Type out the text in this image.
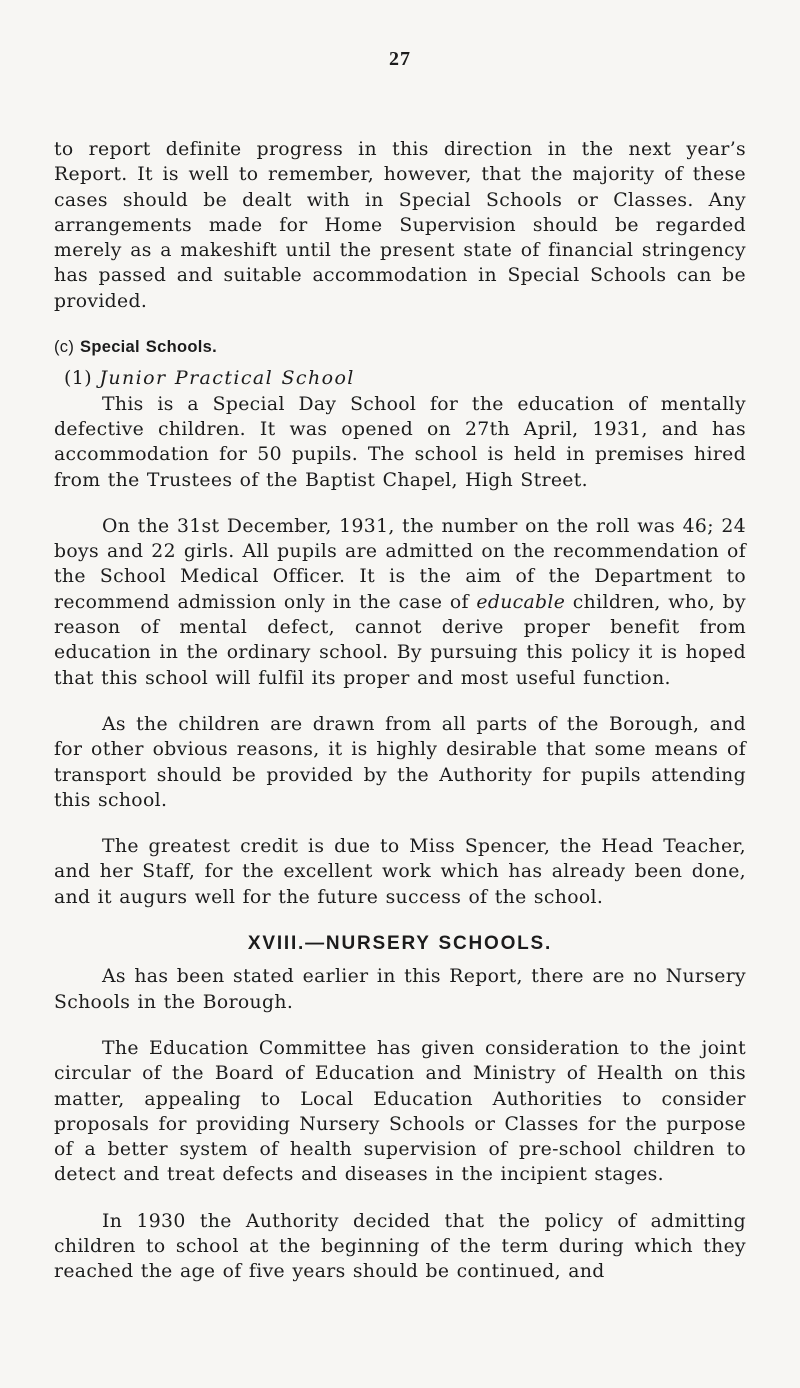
27

to report definite progress in this direction in the next year’s Report. It is well to remember, however, that the majority of these cases should be dealt with in Special Schools or Classes. Any arrangements made for Home Supervision should be regarded merely as a makeshift until the present state of financial stringency has passed and suitable accommodation in Special Schools can be provided.

(c) Special Schools.
(1) Junior Practical School

This is a Special Day School for the education of mentally defective children. It was opened on 27th April, 1931, and has accommodation for 50 pupils. The school is held in premises hired from the Trustees of the Baptist Chapel, High Street.

On the 31st December, 1931, the number on the roll was 46; 24 boys and 22 girls. All pupils are admitted on the recommendation of the School Medical Officer. It is the aim of the Department to recommend admission only in the case of educable children, who, by reason of mental defect, cannot derive proper benefit from education in the ordinary school. By pursuing this policy it is hoped that this school will fulfil its proper and most useful function.

As the children are drawn from all parts of the Borough, and for other obvious reasons, it is highly desirable that some means of transport should be provided by the Authority for pupils attending this school.

The greatest credit is due to Miss Spencer, the Head Teacher, and her Staff, for the excellent work which has already been done, and it augurs well for the future success of the school.

XVIII.—NURSERY SCHOOLS.

As has been stated earlier in this Report, there are no Nursery Schools in the Borough.

The Education Committee has given consideration to the joint circular of the Board of Education and Ministry of Health on this matter, appealing to Local Education Authorities to consider proposals for providing Nursery Schools or Classes for the purpose of a better system of health supervision of pre-school children to detect and treat defects and diseases in the incipient stages.

In 1930 the Authority decided that the policy of admitting children to school at the beginning of the term during which they reached the age of five years should be continued, and
